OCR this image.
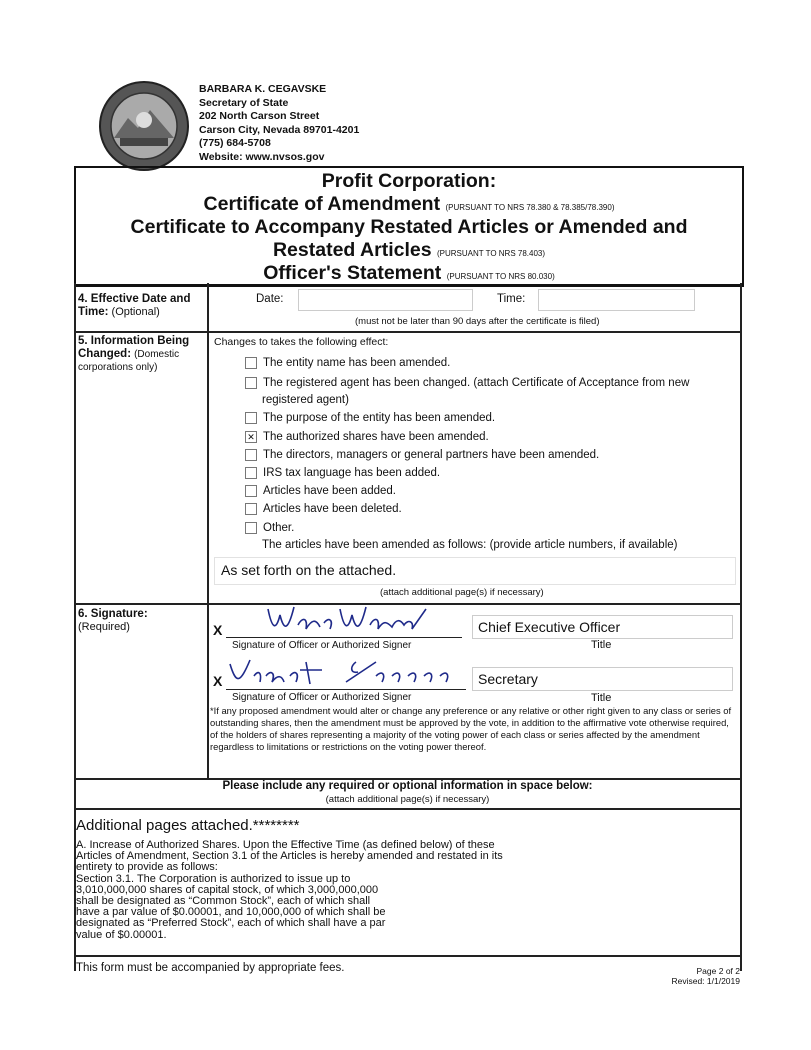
BARBARA K. CEGAVSKE
Secretary of State
202 North Carson Street
Carson City, Nevada 89701-4201
(775) 684-5708
Website: www.nvsos.gov
Profit Corporation:
Certificate of Amendment (PURSUANT TO NRS 78.380 & 78.385/78.390)
Certificate to Accompany Restated Articles or Amended and
Restated Articles (PURSUANT TO NRS 78.403)
Officer's Statement (PURSUANT TO NRS 80.030)
4. Effective Date and Time: (Optional)
Date:	Time:
(must not be later than 90 days after the certificate is filed)
5. Information Being Changed: (Domestic corporations only)
Changes to takes the following effect:
The entity name has been amended.
The registered agent has been changed. (attach Certificate of Acceptance from new
registered agent)
The purpose of the entity has been amended.
✕ The authorized shares have been amended.
The directors, managers or general partners have been amended.
IRS tax language has been added.
Articles have been added.
Articles have been deleted.
Other.
The articles have been amended as follows: (provide article numbers, if available)
As set forth on the attached.
(attach additional page(s) if necessary)
6. Signature:
(Required)	X
Signature of Officer or Authorized Signer
Chief Executive Officer
Title
X
Signature of Officer or Authorized Signer
Secretary
Title
*If any proposed amendment would alter or change any preference or any relative or other right given to any class or series of outstanding shares, then the amendment must be approved by the vote, in addition to the affirmative vote otherwise required, of the holders of shares representing a majority of the voting power of each class or series affected by the amendment regardless to limitations or restrictions on the voting power thereof.
Please include any required or optional information in space below:
(attach additional page(s) if necessary)
Additional pages attached.********
A. Increase of Authorized Shares. Upon the Effective Time (as defined below) of these
Articles of Amendment, Section 3.1 of the Articles is hereby amended and restated in its
entirety to provide as follows:
Section 3.1. The Corporation is authorized to issue up to
3,010,000,000 shares of capital stock, of which 3,000,000,000
shall be designated as “Common Stock”, each of which shall
have a par value of $0.00001, and 10,000,000 of which shall be
designated as “Preferred Stock”, each of which shall have a par
value of $0.00001.
This form must be accompanied by appropriate fees.	Page 2 of 2
Revised: 1/1/2019
